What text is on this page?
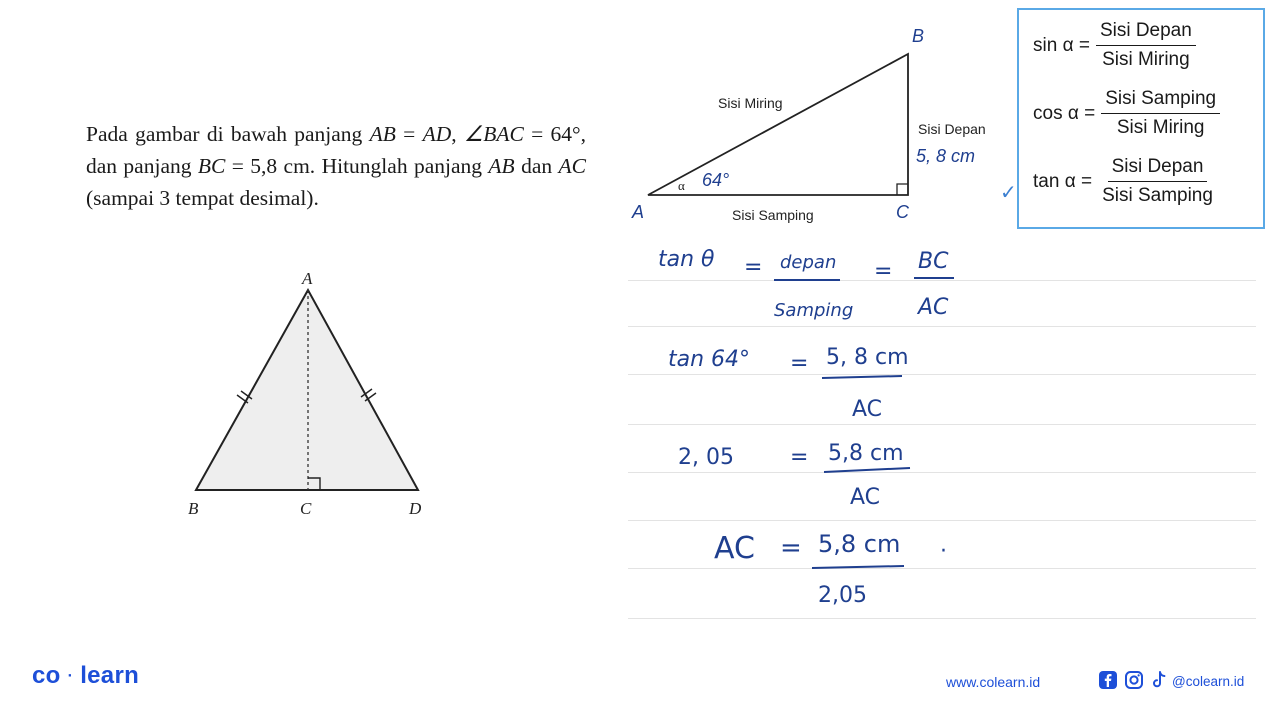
Pada gambar di bawah panjang AB = AD, ∠BAC = 64°, dan panjang BC = 5,8 cm. Hitunglah panjang AB dan AC (sampai 3 tempat desimal).
A
B	C	D
α
Sisi Miring
Sisi Depan
Sisi Samping
A
B
C
64°
5, 8 cm
$\sin \alpha = \frac{\text{Sisi Depan}}{\text{Sisi Miring}}$
$\cos \alpha = \frac{\text{Sisi Samping}}{\text{Sisi Miring}}$
$\tan \alpha = \frac{\text{Sisi Depan}}{\text{Sisi Samping}}$
✓
tan θ = depan
Samping
= BC
AC
tan 64° = 5, 8 cm
AC
2, 05	= 5,8 cm
AC
AC = 5,8 cm ·
2,05
co · learn	www.colearn.id	@colearn.id
